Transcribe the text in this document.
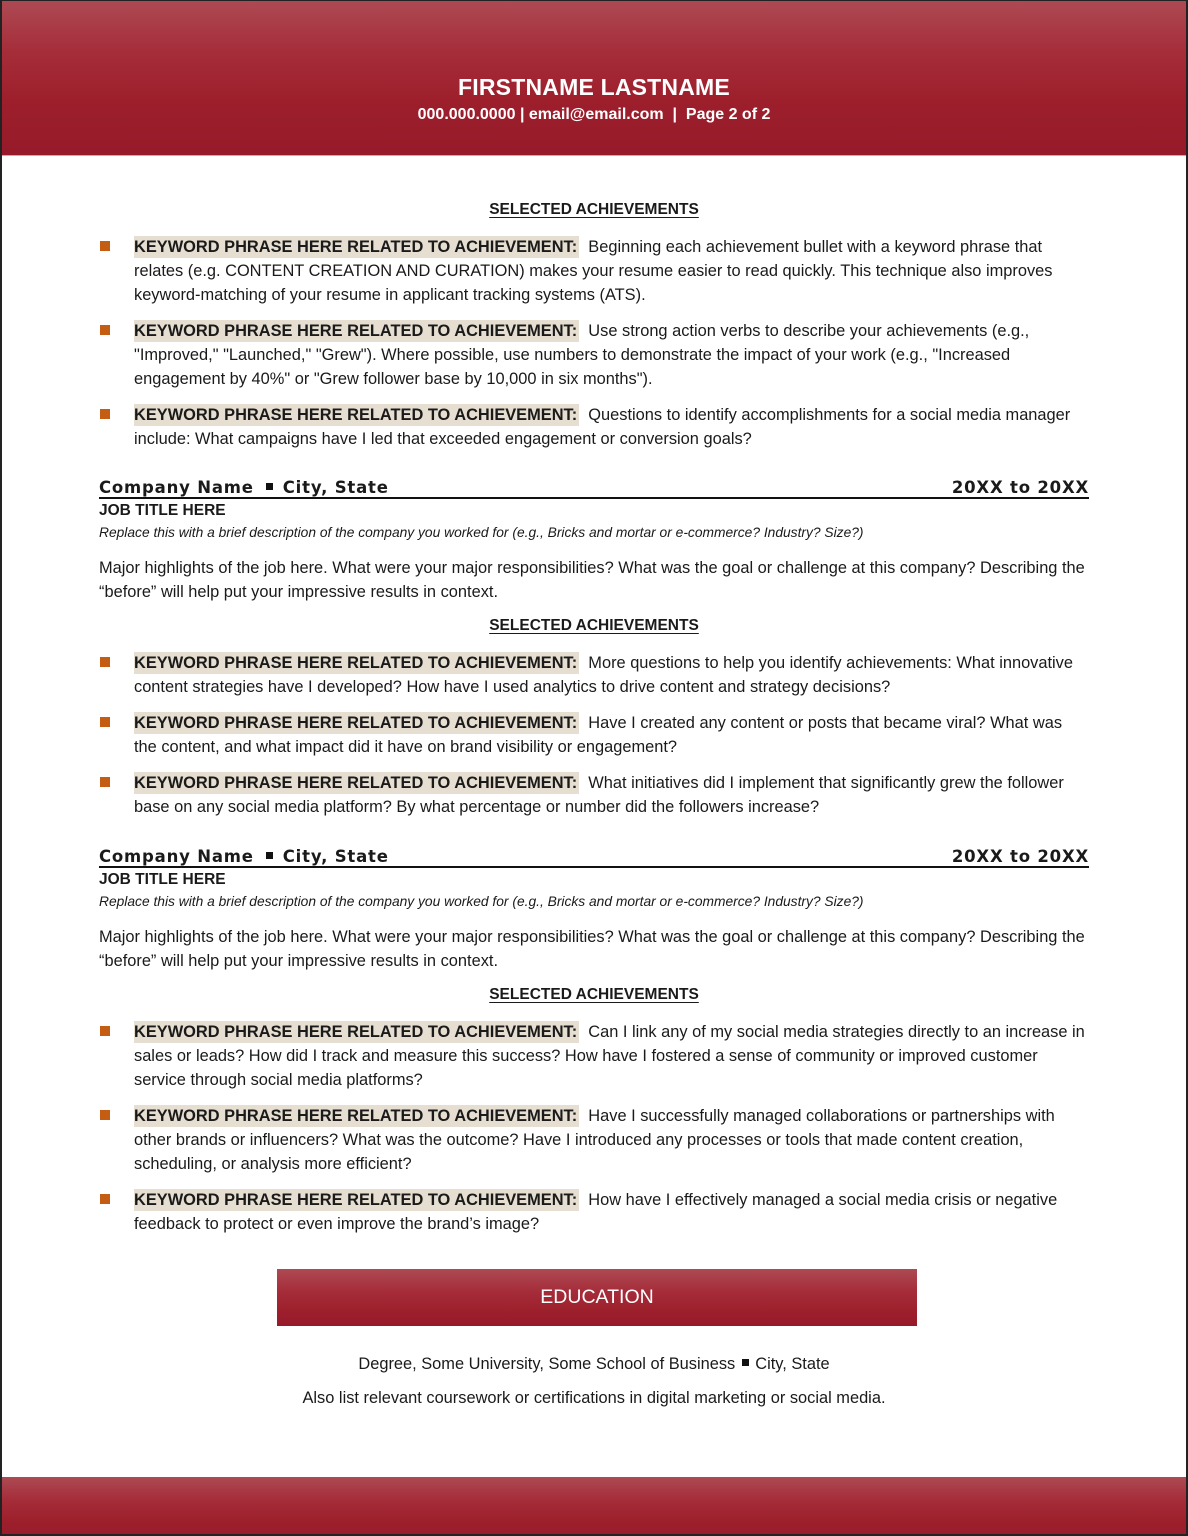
FIRSTNAME LASTNAME
000.000.0000 | email@email.com  |  Page 2 of 2
SELECTED ACHIEVEMENTS
KEYWORD PHRASE HERE RELATED TO ACHIEVEMENT: Beginning each achievement bullet with a keyword phrase that relates (e.g. CONTENT CREATION AND CURATION) makes your resume easier to read quickly. This technique also improves keyword-matching of your resume in applicant tracking systems (ATS).
KEYWORD PHRASE HERE RELATED TO ACHIEVEMENT: Use strong action verbs to describe your achievements (e.g., "Improved," "Launched," "Grew"). Where possible, use numbers to demonstrate the impact of your work (e.g., "Increased engagement by 40%" or "Grew follower base by 10,000 in six months").
KEYWORD PHRASE HERE RELATED TO ACHIEVEMENT: Questions to identify accomplishments for a social media manager include: What campaigns have I led that exceeded engagement or conversion goals?
Company Name City, State	20XX to 20XX
JOB TITLE HERE
Replace this with a brief description of the company you worked for (e.g., Bricks and mortar or e-commerce? Industry? Size?)
Major highlights of the job here. What were your major responsibilities? What was the goal or challenge at this company? Describing the “before” will help put your impressive results in context.
SELECTED ACHIEVEMENTS
KEYWORD PHRASE HERE RELATED TO ACHIEVEMENT: More questions to help you identify achievements: What innovative content strategies have I developed? How have I used analytics to drive content and strategy decisions?
KEYWORD PHRASE HERE RELATED TO ACHIEVEMENT: Have I created any content or posts that became viral? What was the content, and what impact did it have on brand visibility or engagement?
KEYWORD PHRASE HERE RELATED TO ACHIEVEMENT: What initiatives did I implement that significantly grew the follower base on any social media platform? By what percentage or number did the followers increase?
Company Name City, State	20XX to 20XX
JOB TITLE HERE
Replace this with a brief description of the company you worked for (e.g., Bricks and mortar or e-commerce? Industry? Size?)
Major highlights of the job here. What were your major responsibilities? What was the goal or challenge at this company? Describing the “before” will help put your impressive results in context.
SELECTED ACHIEVEMENTS
KEYWORD PHRASE HERE RELATED TO ACHIEVEMENT: Can I link any of my social media strategies directly to an increase in sales or leads? How did I track and measure this success? How have I fostered a sense of community or improved customer service through social media platforms?
KEYWORD PHRASE HERE RELATED TO ACHIEVEMENT: Have I successfully managed collaborations or partnerships with other brands or influencers? What was the outcome? Have I introduced any processes or tools that made content creation, scheduling, or analysis more efficient?
KEYWORD PHRASE HERE RELATED TO ACHIEVEMENT: How have I effectively managed a social media crisis or negative feedback to protect or even improve the brand’s image?
EDUCATION
Degree, Some University, Some School of Business City, State
Also list relevant coursework or certifications in digital marketing or social media.
